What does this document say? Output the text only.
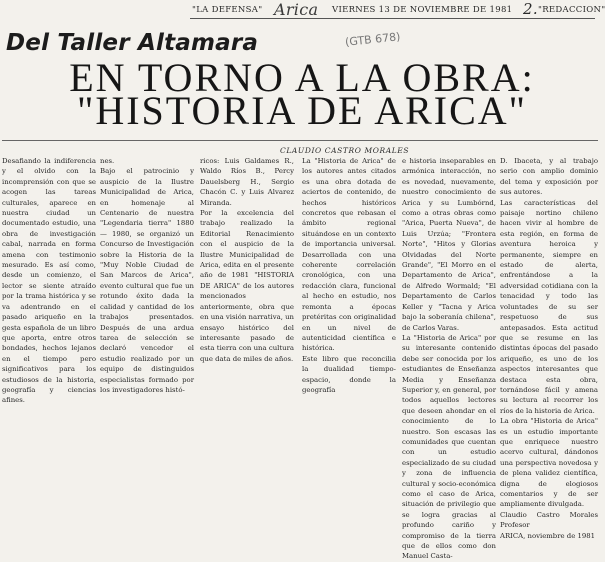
"LA DEFENSA" Arica VIERNES 13 DE NOVIEMBRE DE 1981 2. "REDACCION"
(GTB 678)
Del Taller Altamara
EN TORNO A LA OBRA:
"HISTORIA DE ARICA"
CLAUDIO CASTRO MORALES
Desafiando la indiferencia y el olvido con la incomprensión con que se acogen las tareas culturales, aparece en nuestra ciudad un documentado estudio, una obra de investigación cabal, narrada en forma amena con testimonio mesurado. Es así como, desde un comienzo, el lector se siente atraído por la trama histórica y se va adentrando en el pasado ariqueño en la gesta española de un libro que aporta, entre otros bondades, hechos lejanos en el tiempo pero significativos para los estudiosos de la historia, geografía y ciencias afines.
nes.
Bajo el patrocinio y auspicio de la Ilustre Municipalidad de Arica, en homenaje al Centenario de nuestra "Legendaria tierra" 1880 — 1980, se organizó un Concurso de Investigación sobre la Historia de la "Muy Noble Ciudad de San Marcos de Arica", evento cultural que fue un rotundo éxito dada la calidad y cantidad de los trabajos presentados. Después de una ardua tarea de selección se declaró vencedor el estudio realizado por un equipo de distinguidos especialistas formado por los investigadores histó-
ricos: Luis Galdames R., Waldo Ríos B., Percy Dauelsberg H., Sergio Chacón C. y Luis Alvarez Miranda.
Por la excelencia del trabajo realizado la Editorial Renacimiento con el auspicio de la Ilustre Municipalidad de Arica, edita en el presente año de 1981 "HISTORIA DE ARICA" de los autores mencionados anteriormente, obra que en una visión narrativa, un ensayo histórico del interesante pasado de esta tierra con una cultura que data de miles de años.
La "Historia de Arica" de los autores antes citados es una obra dotada de aciertos de contenido, de hechos históricos concretos que rebasan el ámbito regional situándose en un contexto de importancia universal. Desarrollada con una coherente correlación cronológica, con una redacción clara, funcional al hecho en estudio, nos remonta a épocas pretéritas con originalidad en un nivel de autenticidad científica e histórica.
Este libro que reconcilia la dualidad tiempo-espacio, donde la geografía
e historia inseparables en armónica interacción, no es novedad, nuevamente, nuestro conocimiento de Arica y su Lumbórnd, como a otras obras como "Arica, Puerta Nueva", de Luis Urzúa; "Frontera Norte", "Hitos y Glorias Olvidadas del Norte Grande", "El Morro en el Departamento de Arica", de Alfredo Wormald; "El Departamento de Carlos Keller y "Tacna y Arica bajo la soberanía chilena", de Carlos Varas.
La "Historia de Arica" por su interesante contenido debe ser conocida por los estudiantes de Enseñanza Media y Enseñanza Superior y, en general, por todos aquellos lectores que deseen ahondar en el conocimiento de lo nuestro. Son escasas las comunidades que cuentan con un estudio especializado de su ciudad y zona de influencia cultural y socio-económica como el caso de Arica, situación de privilegio que se logra gracias al profundo cariño y compromiso de la tierra que de ellos como don Manuel Casta-
D. Ibaceta, y al trabajo serio con amplio dominio del tema y exposición por sus autores.
Las características del paisaje nortino chileno hacen vivir al hombre de esta región, en forma de aventura heroica y permanente, siempre en estado de alerta, enfrentándose a la adversidad cotidiana con la tenacidad y todo las voluntades de su ser respetuoso de sus antepasados. Esta actitud que se resume en las distintas épocas del pasado ariqueño, es uno de los aspectos interesantes que destaca esta obra, tornándose fácil y amena su lectura al recorrer los ríos de la historia de Arica.
La obra "Historia de Arica" es un estudio importante que enriquece nuestro acervo cultural, dándonos una perspectiva novedosa y de plena validez científica, digna de elogiosos comentarios y de ser ampliamente divulgada.
Claudio Castro Morales Profesor
ARICA, noviembre de 1981
